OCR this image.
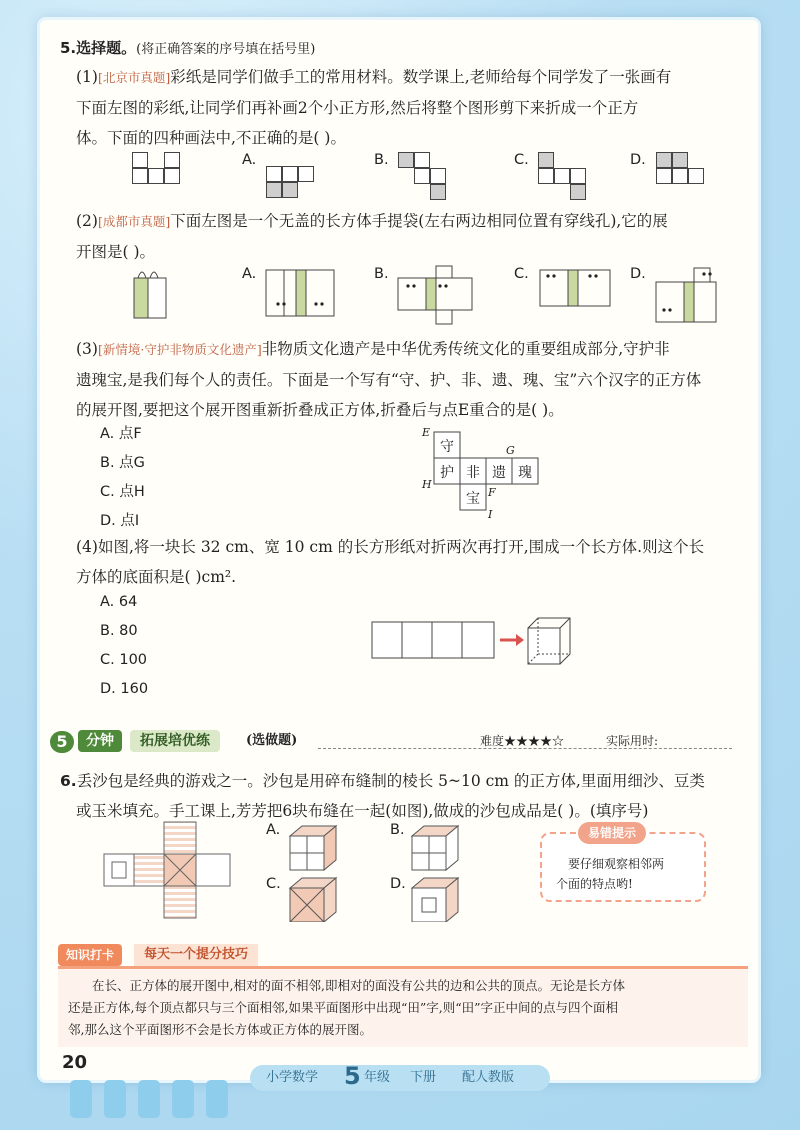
5.选择题。(将正确答案的序号填在括号里)
(1)[北京市真题]彩纸是同学们做手工的常用材料。数学课上,老师给每个同学发了一张画有
下面左图的彩纸,让同学们再补画2个小正方形,然后将整个图形剪下来折成一个正方
体。下面的四种画法中,不正确的是( )。
A.	B.	C.	D.
(2)[成都市真题]下面左图是一个无盖的长方体手提袋(左右两边相同位置有穿线孔),它的展
开图是( )。
A.	B.	C.	D.
(3)[新情境·守护非物质文化遗产]非物质文化遗产是中华优秀传统文化的重要组成部分,守护非
遗瑰宝,是我们每个人的责任。下面是一个写有“守、护、非、遗、瑰、宝”六个汉字的正方体
的展开图,要把这个展开图重新折叠成正方体,折叠后与点E重合的是( )。
A. 点F
B. 点G
C. 点H
D. 点I
守
护 非 遗 瑰
宝
E
G
H
F
I
(4)如图,将一块长 32 cm、宽 10 cm 的长方形纸对折两次再打开,围成一个长方体.则这个长
方体的底面积是( )cm².
A. 64
B. 80
C. 100
D. 160
5	分钟	拓展培优练	(选做题)	难度★★★★☆	实际用时:
6.丢沙包是经典的游戏之一。沙包是用碎布缝制的棱长 5~10 cm 的正方体,里面用细沙、豆类
或玉米填充。手工课上,芳芳把6块布缝在一起(如图),做成的沙包成品是( )。(填序号)
A.	B.
C.	D.
易错提示
要仔细观察相邻两
个面的特点哟!
知识打卡	每天一个提分技巧
在长、正方体的展开图中,相对的面不相邻,即相对的面没有公共的边和公共的顶点。无论是长方体
还是正方体,每个顶点都只与三个面相邻,如果平面图形中出现“田”字,则“田”字正中间的点与四个面相
邻,那么这个平面图形不会是长方体或正方体的展开图。
20
小学数学 5 年级 下册 配人教版
